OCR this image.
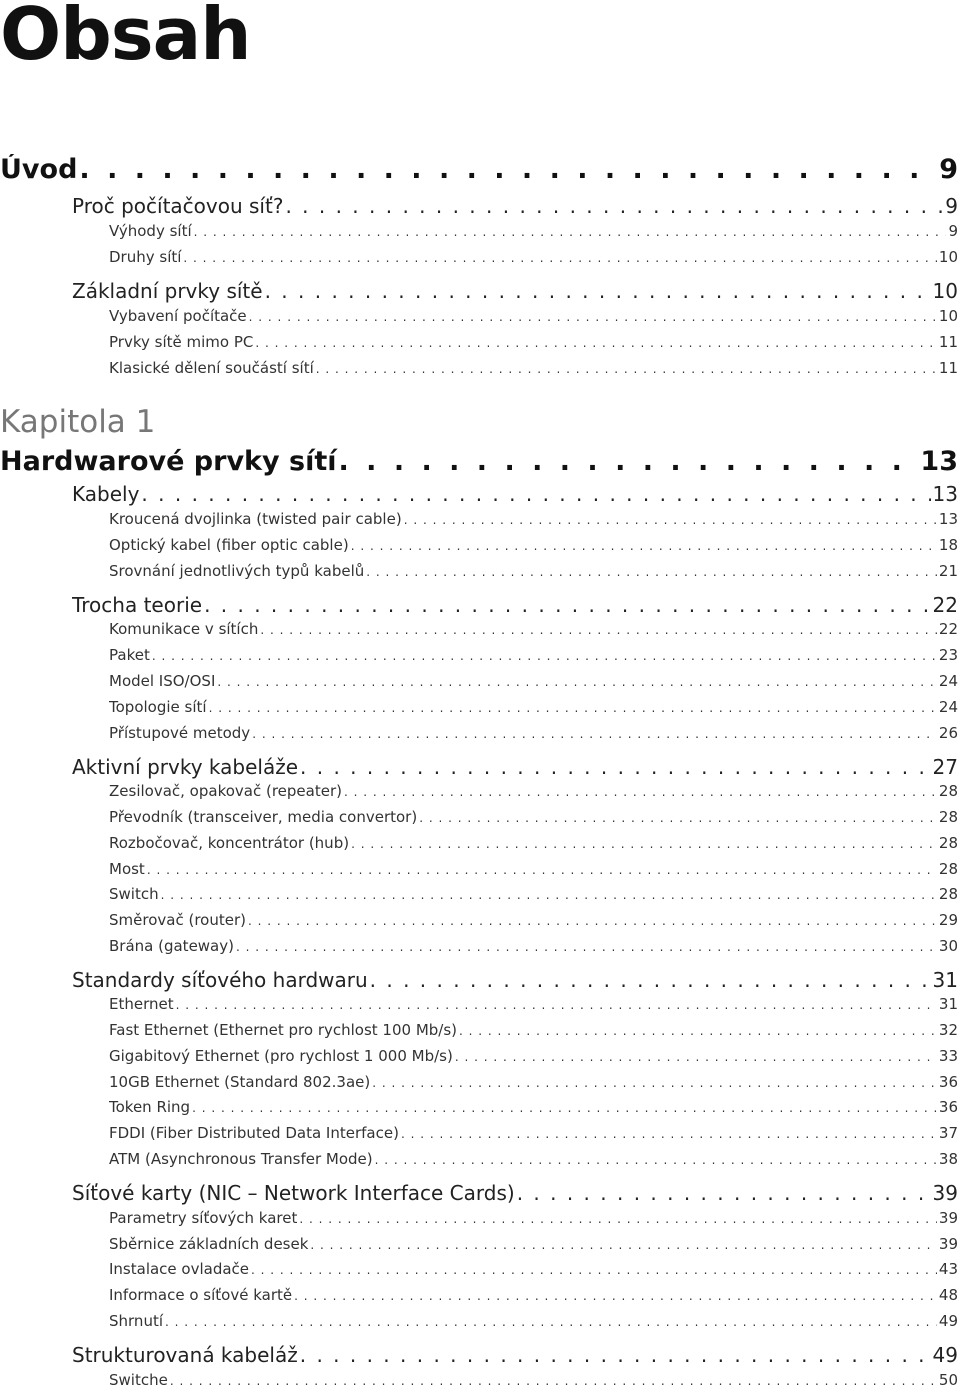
Obsah
Úvod . . .	9
Proč počítačovou síť? . . .	9
Výhody sítí . . .	9
Druhy sítí . . .	10
Základní prvky sítě . . .	10
Vybavení počítače . . .	10
Prvky sítě mimo PC . . .	11
Klasické dělení součástí sítí . . .	11
Kapitola 1
Hardwarové prvky sítí . . .	13
Kabely . . .	13
Kroucená dvojlinka (twisted pair cable) . . .	13
Optický kabel (fiber optic cable) . . .	18
Srovnání jednotlivých typů kabelů . . .	21
Trocha teorie . . .	22
Komunikace v sítích . . .	22
Paket . . .	23
Model ISO/OSI . . .	24
Topologie sítí . . .	24
Přístupové metody . . .	26
Aktivní prvky kabeláže . . .	27
Zesilovač, opakovač (repeater) . . .	28
Převodník (transceiver, media convertor) . . .	28
Rozbočovač, koncentrátor (hub) . . .	28
Most . . .	28
Switch . . .	28
Směrovač (router) . . .	29
Brána (gateway) . . .	30
Standardy síťového hardwaru . . .	31
Ethernet . . .	31
Fast Ethernet (Ethernet pro rychlost 100 Mb/s) . . .	32
Gigabitový Ethernet (pro rychlost 1 000 Mb/s) . . .	33
10GB Ethernet (Standard 802.3ae) . . .	36
Token Ring . . .	36
FDDI (Fiber Distributed Data Interface) . . .	37
ATM (Asynchronous Transfer Mode) . . .	38
Síťové karty (NIC – Network Interface Cards) . . .	39
Parametry síťových karet . . .	39
Sběrnice základních desek . . .	39
Instalace ovladače . . .	43
Informace o síťové kartě . . .	48
Shrnutí . . .	49
Strukturovaná kabeláž . . .	49
Switche . . .	50
